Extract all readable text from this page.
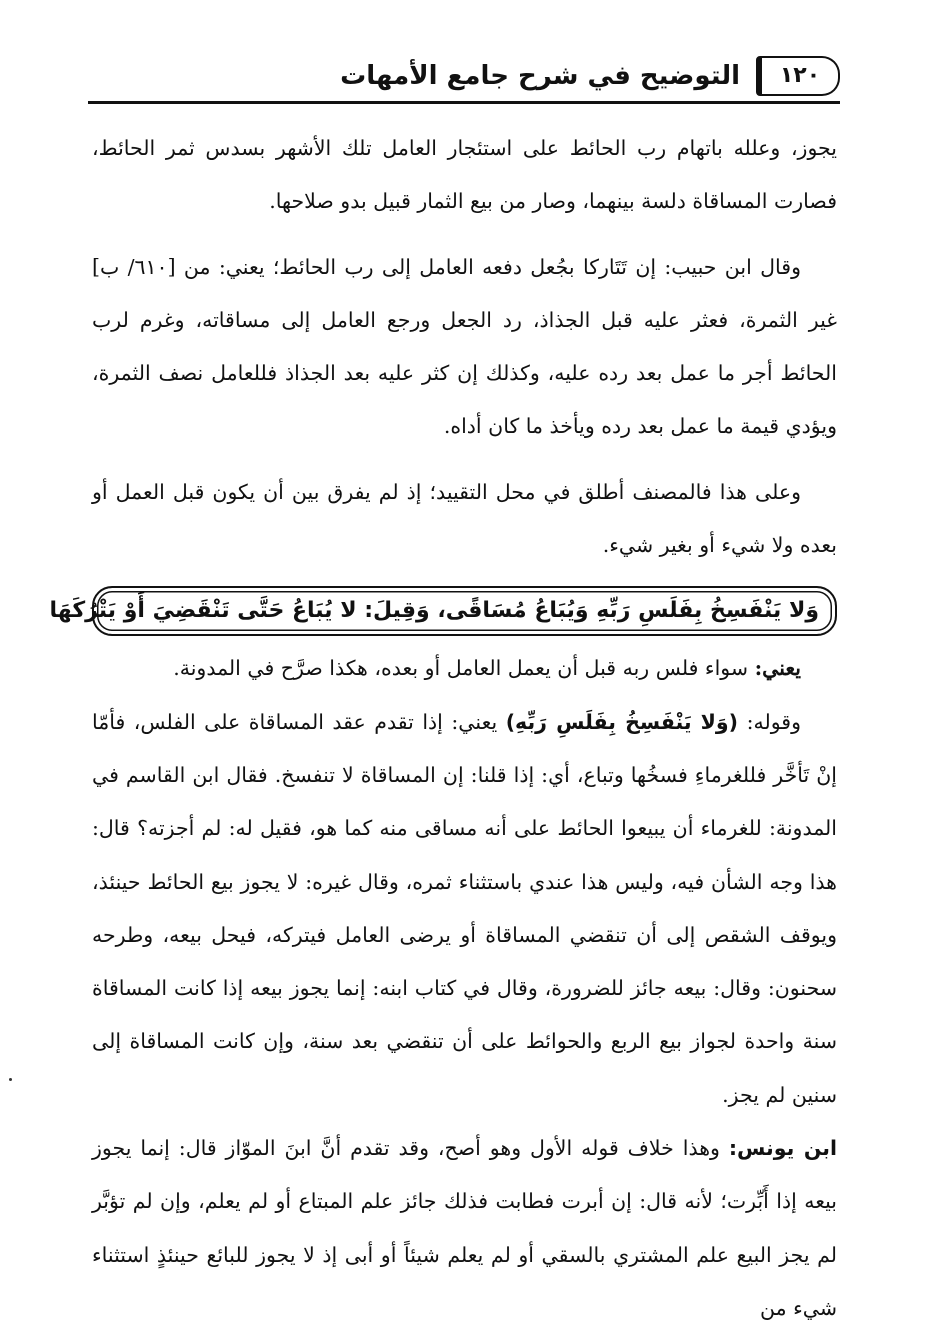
١٢٠
التوضيح في شرح جامع الأمهات

يجوز، وعلله باتهام رب الحائط على استئجار العامل تلك الأشهر بسدس ثمر الحائط، فصارت المساقاة دلسة بينهما، وصار من بيع الثمار قبيل بدو صلاحها.

وقال ابن حبيب: إن تَتَاركا بجُعل دفعه العامل إلى رب الحائط؛ يعني: من [٦١٠/ ب] غير الثمرة، فعثر عليه قبل الجذاذ، رد الجعل ورجع العامل إلى مساقاته، وغرم لرب الحائط أجر ما عمل بعد رده عليه، وكذلك إن كثر عليه بعد الجذاذ فللعامل نصف الثمرة، ويؤدي قيمة ما عمل بعد رده ويأخذ ما كان أداه.

وعلى هذا فالمصنف أطلق في محل التقييد؛ إذ لم يفرق بين أن يكون قبل العمل أو بعده ولا شيء أو بغير شيء.

وَلا يَنْفَسِخُ بِفَلَسِ رَبِّهِ وَيُبَاعُ مُسَاقًى، وَقِيلَ: لا يُبَاعُ حَتَّى تَنْقَضِيَ أَوْ يَتْرُكَهَا

يعني: سواء فلس ربه قبل أن يعمل العامل أو بعده، هكذا صرَّح في المدونة.

وقوله: (وَلا يَنْفَسِخُ بِفَلَسِ رَبِّهِ) يعني: إذا تقدم عقد المساقاة على الفلس، فأمّا إنْ تَأخَّر فللغرماءِ فسخُها وتباع، أي: إذا قلنا: إن المساقاة لا تنفسخ. فقال ابن القاسم في المدونة: للغرماء أن يبيعوا الحائط على أنه مساقى منه كما هو، فقيل له: لم أجزته؟ قال: هذا وجه الشأن فيه، وليس هذا عندي باستثناء ثمره، وقال غيره: لا يجوز بيع الحائط حينئذ، ويوقف الشقص إلى أن تنقضي المساقاة أو يرضى العامل فيتركه، فيحل بيعه، وطرحه سحنون: وقال: بيعه جائز للضرورة، وقال في كتاب ابنه: إنما يجوز بيعه إذا كانت المساقاة سنة واحدة لجواز بيع الربع والحوائط على أن تنقضي بعد سنة، وإن كانت المساقاة إلى سنين لم يجز.

ابن يونس: وهذا خلاف قوله الأول وهو أصح، وقد تقدم أنَّ ابنَ الموّاز قال: إنما يجوز بيعه إذا أَبِّرت؛ لأنه قال: إن أبرت فطابت فذلك جائز علم المبتاع أو لم يعلم، وإن لم تؤبَّر لم يجز البيع علم المشتري بالسقي أو لم يعلم شيئاً أو أبى إذ لا يجوز للبائع حينئذٍ استثناء شيء من
